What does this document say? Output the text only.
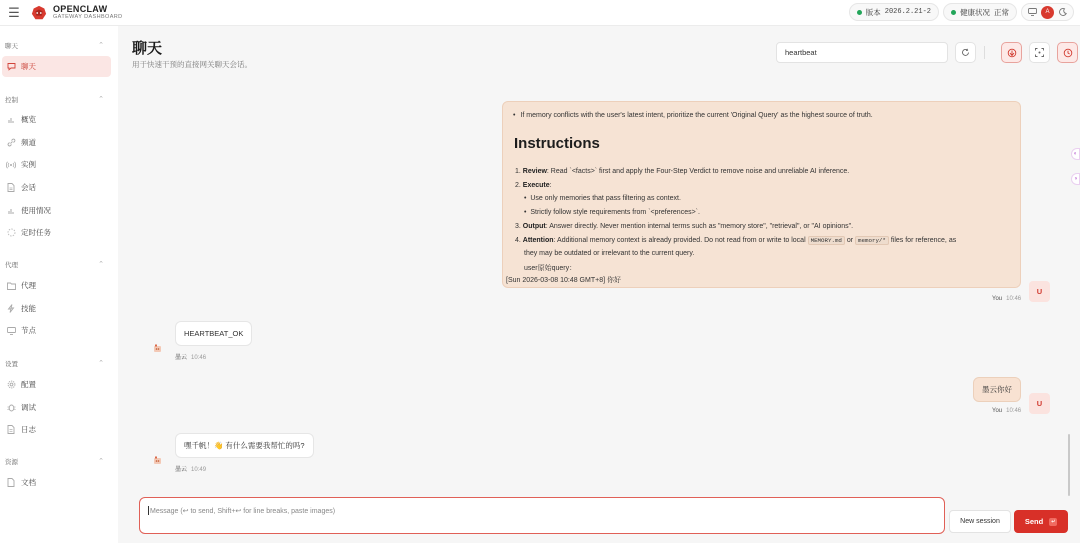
☰	OPENCLAW
GATEWAY DASHBOARD
版本 2026.2.21-2	健康状况 正常	A
聊天	⌃
聊天
控制	⌃
概览
频道
实例
会话
使用情况
定时任务
代理	⌃
代理
技能
节点
设置	⌃
配置
调试
日志
资源	⌃
文档
聊天
用于快速干预的直接网关聊天会话。
heartbeat
• If memory conflicts with the user's latest intent, prioritize the current 'Original Query' as the highest source of truth.
Instructions
1. Review: Read `<facts>` first and apply the Four-Step Verdict to remove noise and unreliable AI inference.
2. Execute:
•  Use only memories that pass filtering as context.
•  Strictly follow style requirements from `<preferences>`.
3. Output: Answer directly. Never mention internal terms such as "memory store", "retrieval", or "AI opinions".
4. Attention: Additional memory context is already provided. Do not read from or write to local MEMORY.md or memory/* files for reference, as
they may be outdated or irrelevant to the current query.
user原始query：
[Sun 2026-03-08 10:48 GMT+8] 你好
You 10:46
U
HEARTBEAT_OK
墨云 10:46
墨云你好
You 10:46
U
嘿千帆！👋 有什么需要我帮忙的吗?
墨云 10:49
◐
◑
Message (↩ to send, Shift+↩ for line breaks, paste images)
New session	Send	↵
